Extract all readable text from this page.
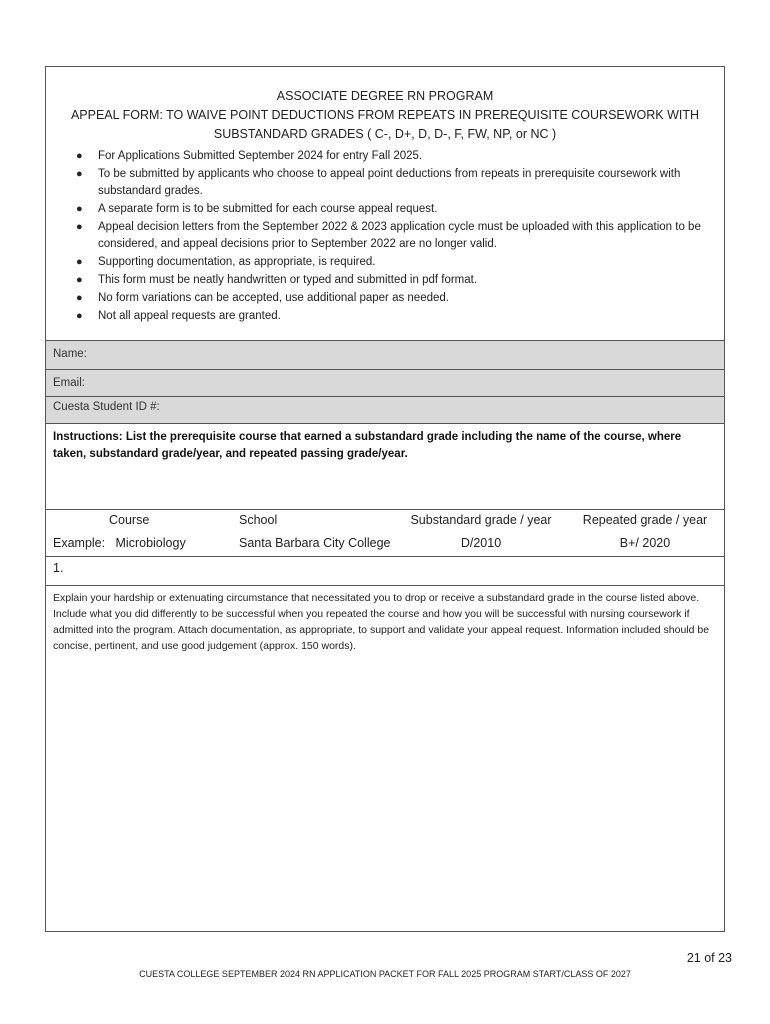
ASSOCIATE DEGREE RN PROGRAM
APPEAL FORM: TO WAIVE POINT DEDUCTIONS FROM REPEATS IN PREREQUISITE COURSEWORK WITH
SUBSTANDARD GRADES ( C-, D+, D, D-, F, FW, NP, or NC )
● For Applications Submitted September 2024 for entry Fall 2025.
● To be submitted by applicants who choose to appeal point deductions from repeats in prerequisite coursework with substandard grades.
● A separate form is to be submitted for each course appeal request.
● Appeal decision letters from the September 2022 & 2023 application cycle must be uploaded with this application to be considered, and appeal decisions prior to September 2022 are no longer valid.
● Supporting documentation, as appropriate, is required.
● This form must be neatly handwritten or typed and submitted in pdf format.
● No form variations can be accepted, use additional paper as needed.
● Not all appeal requests are granted.
Name:
Email:
Cuesta Student ID #:
Instructions: List the prerequisite course that earned a substandard grade including the name of the course, where taken, substandard grade/year, and repeated passing grade/year.
Course	School	Substandard grade / year	Repeated grade / year
Example:   Microbiology	Santa Barbara City College	D/2010	B+/ 2020
1.
Explain your hardship or extenuating circumstance that necessitated you to drop or receive a substandard grade in the course listed above. Include what you did differently to be successful when you repeated the course and how you will be successful with nursing coursework if admitted into the program. Attach documentation, as appropriate, to support and validate your appeal request. Information included should be concise, pertinent, and use good judgement (approx. 150 words).
21 of 23
CUESTA COLLEGE SEPTEMBER 2024 RN APPLICATION PACKET FOR FALL 2025 PROGRAM START/CLASS OF 2027
